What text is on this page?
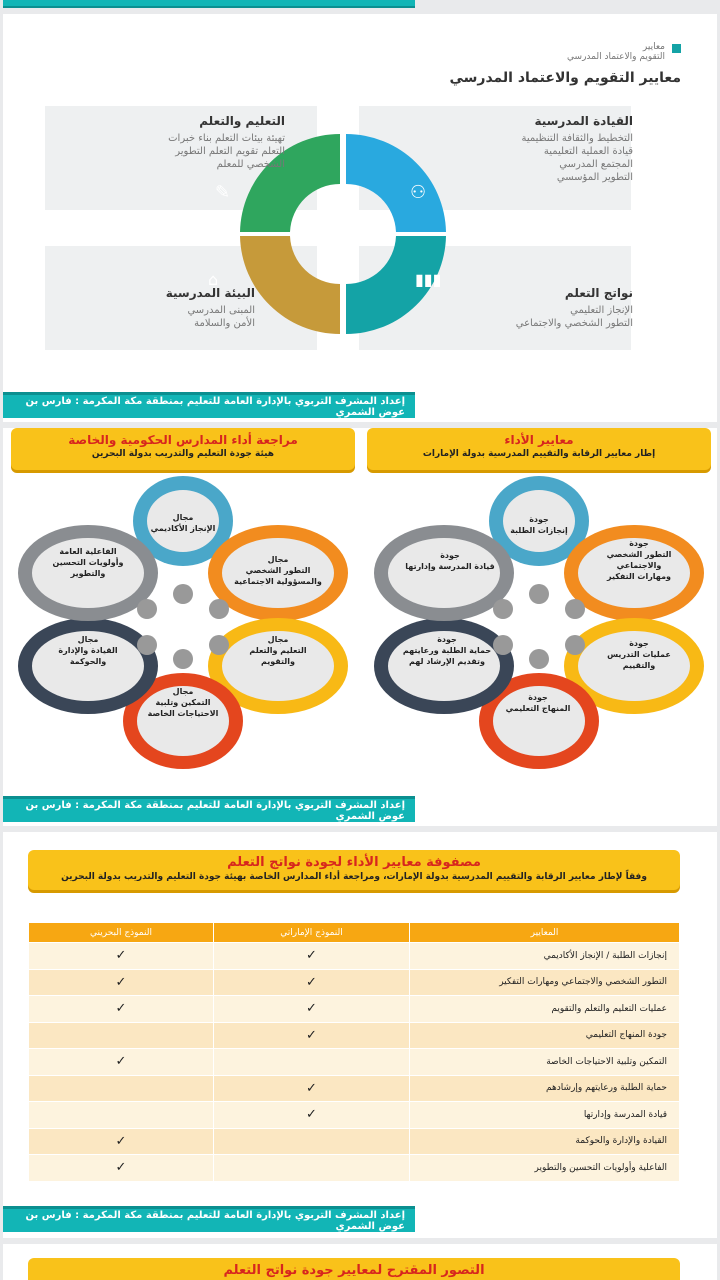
معايير
التقويم والاعتماد المدرسي
معايير التقويم والاعتماد المدرسي
⚇
✎
▮▮▮
⌂
القيادة المدرسية
التخطيط والثقافة التنظيمية
قيادة العملية التعليمية
المجتمع المدرسي
التطوير المؤسسي
التعليم والتعلم
تهيئة بيئات التعلم بناء خبرات
التعلم تقويم التعلم التطوير
الشخصي للمعلم
نواتج التعلم
الإنجاز التعليمي
التطور الشخصي والاجتماعي
البيئة المدرسية
المبنى المدرسي
الأمن والسلامة
إعداد المشرف التربوي بالإدارة العامة للتعليم بمنطقة مكة المكرمة : فارس بن عوض الشمري
مراجعة أداء المدارس الحكومية والخاصة
هيئة جودة التعليم والتدريب بدولة البحرين
معايير الأداء
إطار معايير الرقابة والتقييم المدرسية بدولة الإمارات
مجال
الإنجاز الأكاديمي
مجال
التطور الشخصي
والمسؤولية الاجتماعية
مجال
التعليم والتعلم
والتقويم
مجال
التمكين وتلبية
الاحتياجات الخاصة
مجال
القيادة والإدارة
والحوكمة
الفاعلية العامة
وأولويات التحسين
والتطوير
جودة
إنجازات الطلبة
جودة
التطور الشخصي
والاجتماعي
ومهارات التفكير
جودة
عمليات التدريس
والتقييم
جودة
المنهاج التعليمي
جودة
حماية الطلبة ورعايتهم
وتقديم الإرشاد لهم
جودة
قيادة المدرسة وإدارتها
إعداد المشرف التربوي بالإدارة العامة للتعليم بمنطقة مكة المكرمة : فارس بن عوض الشمري
مصفوفة معايير الأداء لجودة نواتج التعلم
وفقاً لإطار معايير الرقابة والتقييم المدرسية بدولة الإمارات، ومراجعة أداء المدارس الخاصة بهيئة جودة التعليم والتدريب بدولة البحرين
المعايير	النموذج الإماراتي	النموذج البحريني
إنجازات الطلبة / الإنجاز الأكاديمي	✓	✓
التطور الشخصي والاجتماعي ومهارات التفكير	✓	✓
عمليات التعليم والتعلم والتقويم	✓	✓
جودة المنهاج التعليمي	✓	
التمكين وتلبية الاحتياجات الخاصة		✓
حماية الطلبة ورعايتهم وإرشادهم	✓	
قيادة المدرسة وإدارتها	✓	
القيادة والإدارة والحوكمة		✓
الفاعلية وأولويات التحسين والتطوير		✓
إعداد المشرف التربوي بالإدارة العامة للتعليم بمنطقة مكة المكرمة : فارس بن عوض الشمري
التصور المقترح لمعايير جودة نواتج التعلم
